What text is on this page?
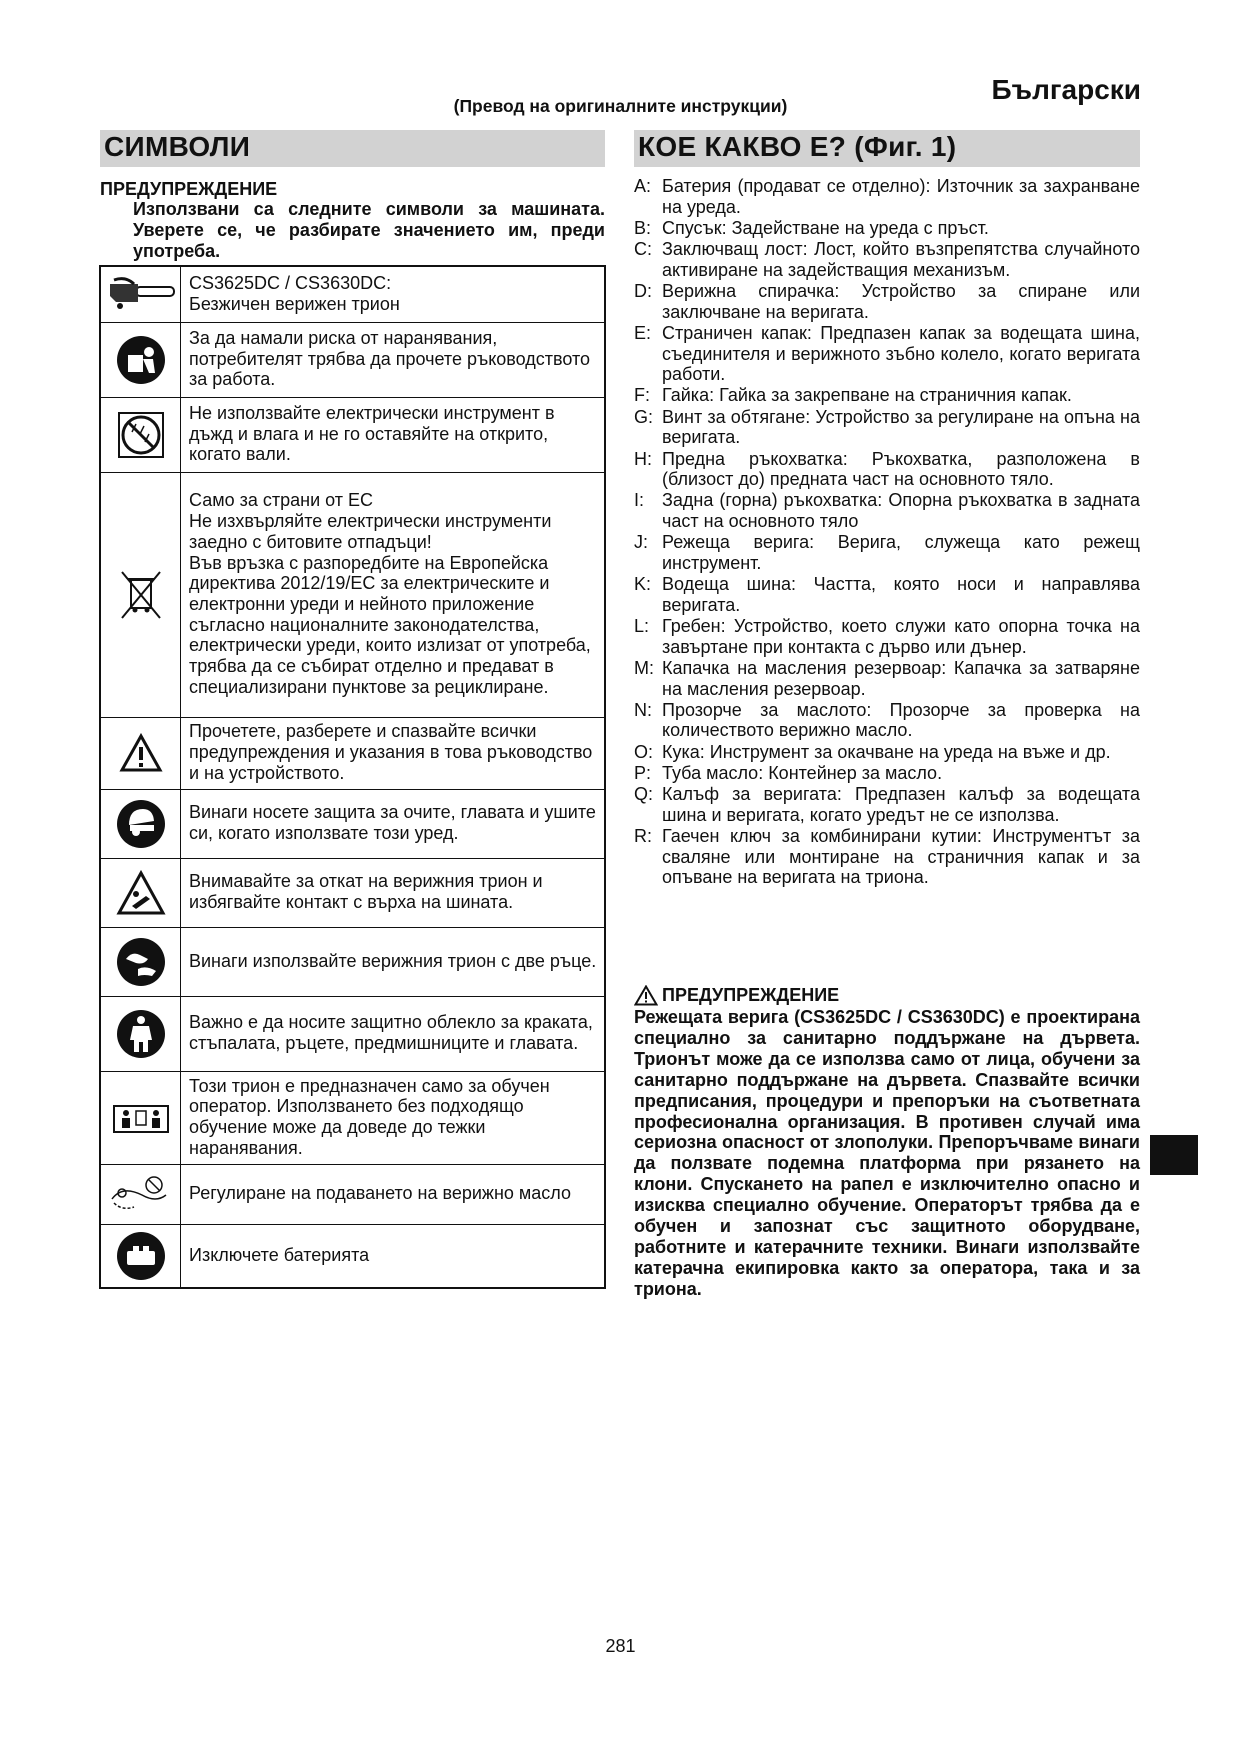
(Превод на оригиналните инструкции)
Български
СИМВОЛИ	КОЕ КАКВО Е? (Фиг. 1)
ПРЕДУПРЕЖДЕНИЕ
Използвани са следните символи за машината. Уверете се, че разбирате значението им, преди употреба.
	CS3625DC / CS3630DC:
Безжичен верижен трион

	За да намали риска от наранявания, потребителят трябва да прочете ръководството за работа.

	Не използвайте електрически инструмент в дъжд и влага и не го оставяйте на открито, когато вали.

	Само за страни от ЕС
Не изхвърляйте електрически инструменти заедно с битовите отпадъци!
Във връзка с разпоредбите на Европейска директива 2012/19/EC за електрическите и електронни уреди и нейното приложение съгласно националните законодателства, електрически уреди, които излизат от употреба, трябва да се събират отделно и предават в специализирани пунктове за рециклиране.

	Прочетете, разберете и спазвайте всички предупреждения и указания в това ръководство и на устройството.

	Винаги носете защита за очите, главата и ушите си, когато използвате този уред.

	Внимавайте за откат на верижния трион и избягвайте контакт с върха на шината.

	Винаги използвайте верижния трион с две ръце.

	Важно е да носите защитно облекло за краката, стъпалата, ръцете, предмишниците и главата.

	Този трион е предназначен само за обучен оператор. Използването без подходящо обучение може да доведе до тежки наранявания.

	Регулиране на подаването на верижно масло

	Изключете батерията
A: Батерия (продават се отделно): Източник за захранване на уреда.
B: Спусък: Задействане на уреда с пръст.
C: Заключващ лост: Лост, който възпрепятства случайното активиране на задействащия механизъм.
D: Верижна спирачка: Устройство за спиране или заключване на веригата.
E: Страничен капак: Предпазен капак за водещата шина, съединителя и верижното зъбно колело, когато веригата работи.
F: Гайка: Гайка за закрепване на страничния капак.
G: Винт за обтягане: Устройство за регулиране на опъна на веригата.
H: Предна ръкохватка: Ръкохватка, разположена в (близост до) предната част на основното тяло.
I: Задна (горна) ръкохватка: Опорна ръкохватка в задната част на основното тяло
J: Режеща верига: Верига, служеща като режещ инструмент.
K: Водеща шина: Частта, която носи и направлява веригата.
L: Гребен: Устройство, което служи като опорна точка на завъртане при контакта с дърво или дънер.
M: Капачка на масления резервоар: Капачка за затваряне на масления резервоар.
N: Прозорче за маслото: Прозорче за проверка на количеството верижно масло.
O: Кука: Инструмент за окачване на уреда на въже и др.
P: Туба масло: Контейнер за масло.
Q: Калъф за веригата: Предпазен калъф за водещата шина и веригата, когато уредът не се използва.
R: Гаечен ключ за комбинирани кутии: Инструментът за сваляне или монтиране на страничния капак и за опъване на веригата на триона.
ПРЕДУПРЕЖДЕНИЕ
Режещата верига (CS3625DC / CS3630DC) е проектирана специално за санитарно поддържане на дървета. Трионът може да се използва само от лица, обучени за санитарно поддържане на дървета. Спазвайте всички предписания, процедури и препоръки на съответната професионална организация. В противен случай има сериозна опасност от злополуки. Препоръчваме винаги да ползвате подемна платформа при рязането на клони. Спускането на рапел е изключително опасно и изисква специално обучение. Операторът трябва да е обучен и запознат със защитното оборудване, работните и катерачните техники. Винаги използвайте катерачна екипировка както за оператора, така и за триона.
281
